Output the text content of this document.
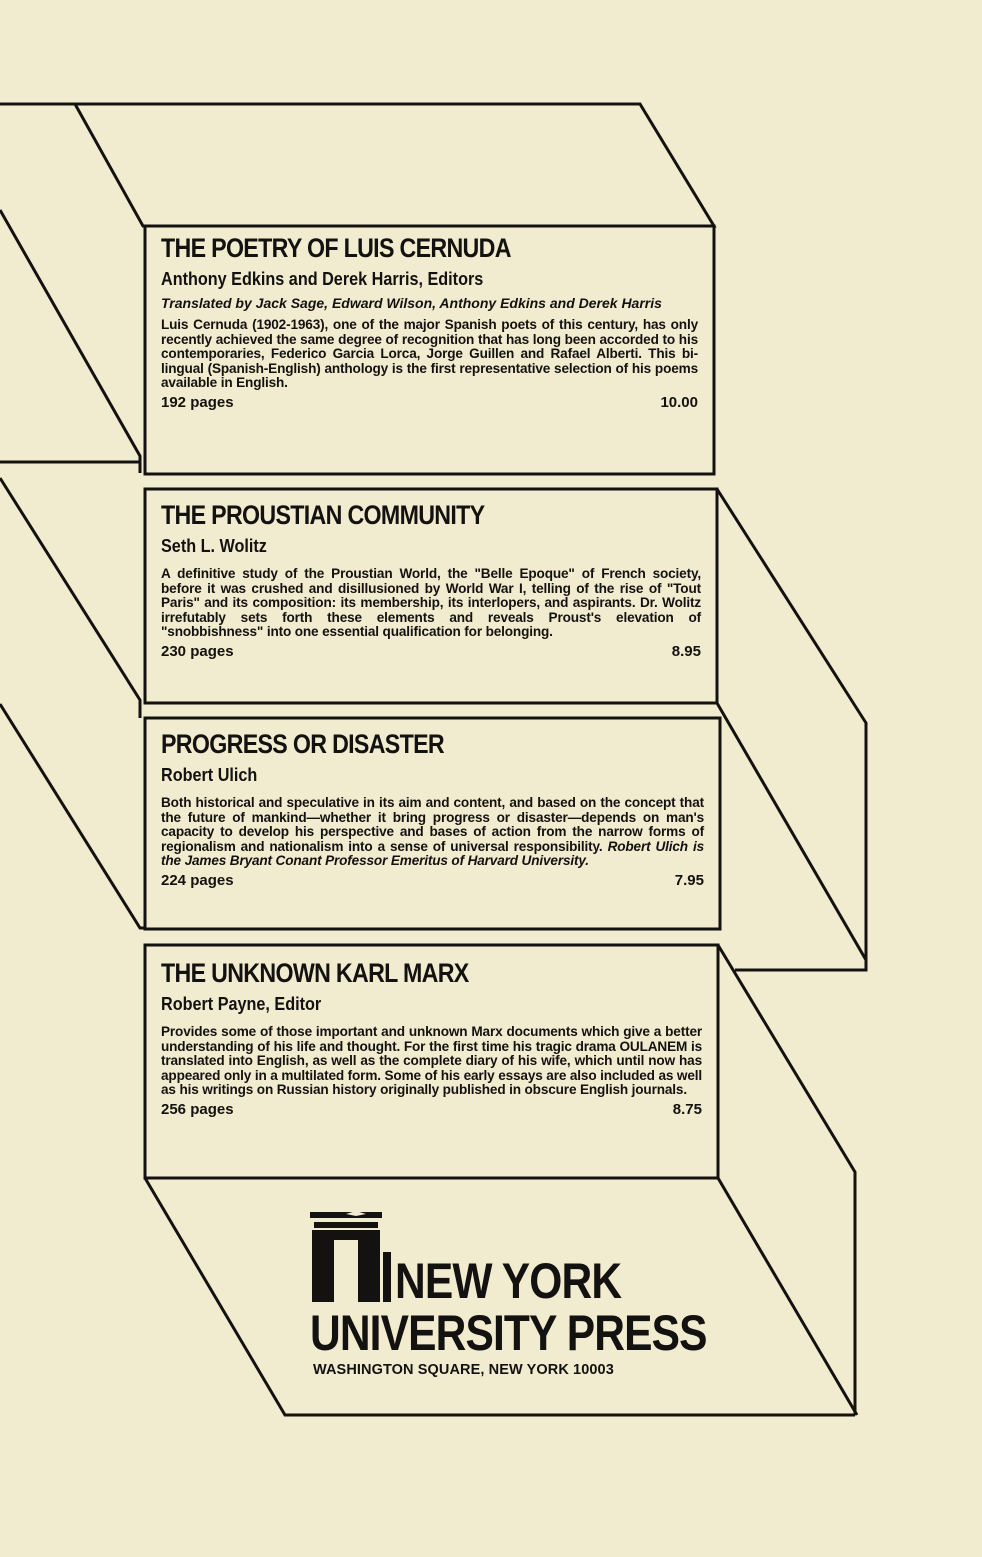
THE POETRY OF LUIS CERNUDA
Anthony Edkins and Derek Harris, Editors
Translated by Jack Sage, Edward Wilson, Anthony Edkins and Derek Harris
Luis Cernuda (1902-1963), one of the major Spanish poets of this century, has only recently achieved the same degree of recognition that has long been accorded to his contemporaries, Federico Garcia Lorca, Jorge Guillen and Rafael Alberti. This bi-lingual (Spanish-English) anthology is the first representative selection of his poems available in English.
192 pages	10.00
THE PROUSTIAN COMMUNITY
Seth L. Wolitz
A definitive study of the Proustian World, the "Belle Epoque" of French society, before it was crushed and disillusioned by World War I, telling of the rise of "Tout Paris" and its composition: its membership, its interlopers, and aspirants. Dr. Wolitz irrefutably sets forth these elements and reveals Proust's elevation of "snobbishness" into one essential qualification for belonging.
230 pages	8.95
PROGRESS OR DISASTER
Robert Ulich
Both historical and speculative in its aim and content, and based on the concept that the future of mankind—whether it bring progress or disaster—depends on man's capacity to develop his perspective and bases of action from the narrow forms of regionalism and nationalism into a sense of universal responsibility. Robert Ulich is the James Bryant Conant Professor Emeritus of Harvard University.
224 pages	7.95
THE UNKNOWN KARL MARX
Robert Payne, Editor
Provides some of those important and unknown Marx documents which give a better understanding of his life and thought. For the first time his tragic drama OULANEM is translated into English, as well as the complete diary of his wife, which until now has appeared only in a multilated form. Some of his early essays are also included as well as his writings on Russian history originally published in obscure English journals.
256 pages	8.75
NEW YORK
UNIVERSITY PRESS
WASHINGTON SQUARE, NEW YORK 10003
